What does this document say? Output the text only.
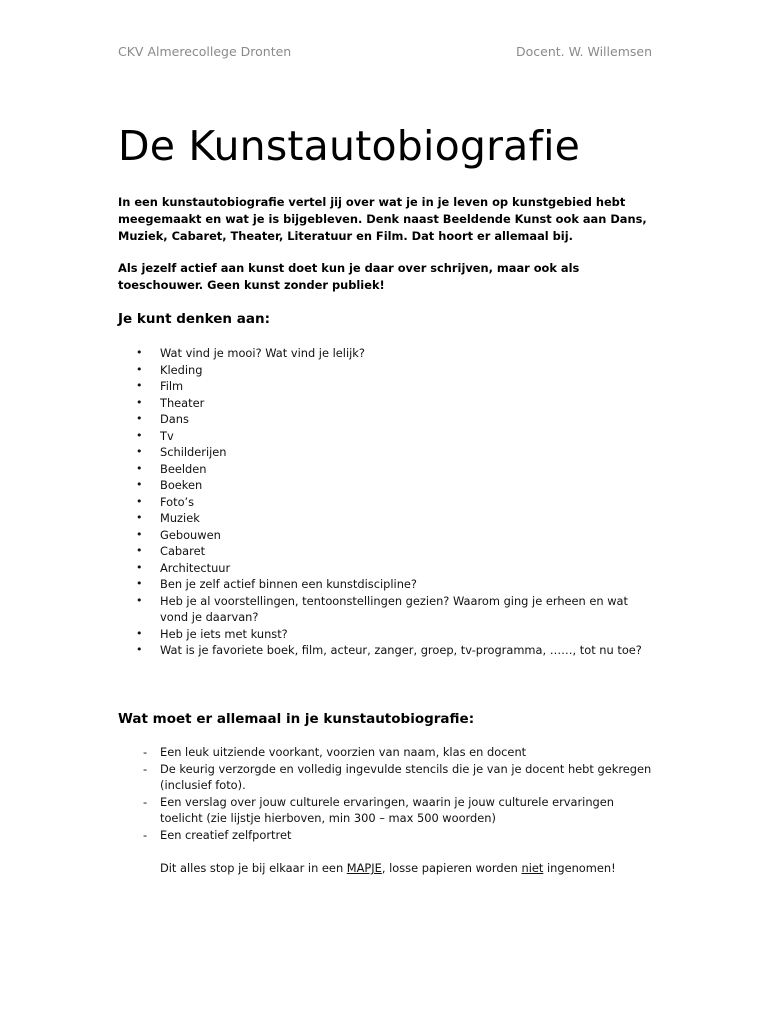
CKV Almerecollege Dronten	Docent. W. Willemsen
De Kunstautobiografie

In een kunstautobiografie vertel jij over wat je in je leven op kunstgebied hebt meegemaakt en wat je is bijgebleven. Denk naast Beeldende Kunst ook aan Dans, Muziek, Cabaret, Theater, Literatuur en Film. Dat hoort er allemaal bij.

Als jezelf actief aan kunst doet kun je daar over schrijven, maar ook als toeschouwer. Geen kunst zonder publiek!

Je kunt denken aan:
• Wat vind je mooi? Wat vind je lelijk?
• Kleding
• Film
• Theater
• Dans
• Tv
• Schilderijen
• Beelden
• Boeken
• Foto’s
• Muziek
• Gebouwen
• Cabaret
• Architectuur
• Ben je zelf actief binnen een kunstdiscipline?
• Heb je al voorstellingen, tentoonstellingen gezien? Waarom ging je erheen en wat vond je daarvan?
• Heb je iets met kunst?
• Wat is je favoriete boek, film, acteur, zanger, groep, tv-programma, ……, tot nu toe?
Wat moet er allemaal in je kunstautobiografie:
- Een leuk uitziende voorkant, voorzien van naam, klas en docent
- De keurig verzorgde en volledig ingevulde stencils die je van je docent hebt gekregen (inclusief foto).
- Een verslag over jouw culturele ervaringen, waarin je jouw culturele ervaringen toelicht (zie lijstje hierboven, min 300 – max 500 woorden)
- Een creatief zelfportret

Dit alles stop je bij elkaar in een MAPJE, losse papieren worden niet ingenomen!
